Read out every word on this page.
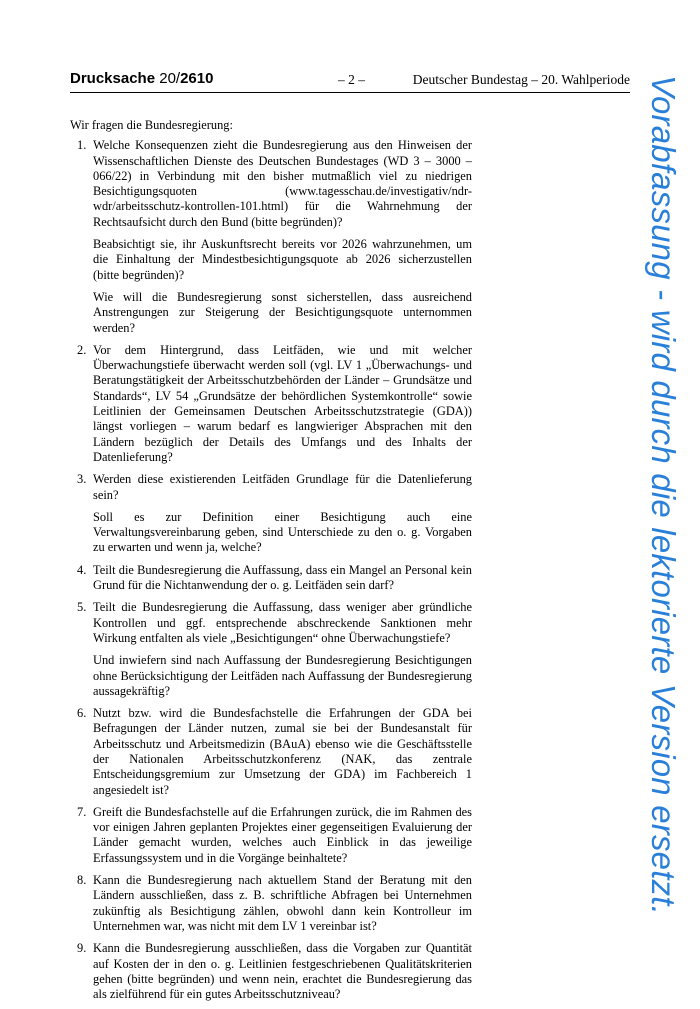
Drucksache 20/2610	– 2 –	Deutscher Bundestag – 20. Wahlperiode

Wir fragen die Bundesregierung:

1. Welche Konsequenzen zieht die Bundesregierung aus den Hinweisen der Wissenschaftlichen Dienste des Deutschen Bundestages (WD 3 – 3000 – 066/22) in Verbindung mit den bisher mutmaßlich viel zu niedrigen Besichtigungsquoten (www.tagesschau.de/investigativ/ndr-wdr/arbeitsschutz-kontrollen-101.html) für die Wahrnehmung der Rechtsaufsicht durch den Bund (bitte begründen)?

Beabsichtigt sie, ihr Auskunftsrecht bereits vor 2026 wahrzunehmen, um die Einhaltung der Mindestbesichtigungsquote ab 2026 sicherzustellen (bitte begründen)?

Wie will die Bundesregierung sonst sicherstellen, dass ausreichend Anstrengungen zur Steigerung der Besichtigungsquote unternommen werden?

2. Vor dem Hintergrund, dass Leitfäden, wie und mit welcher Überwachungstiefe überwacht werden soll (vgl. LV 1 „Überwachungs- und Beratungstätigkeit der Arbeitsschutzbehörden der Länder – Grundsätze und Standards“, LV 54 „Grundsätze der behördlichen Systemkontrolle“ sowie Leitlinien der Gemeinsamen Deutschen Arbeitsschutzstrategie (GDA)) längst vorliegen – warum bedarf es langwieriger Absprachen mit den Ländern bezüglich der Details des Umfangs und des Inhalts der Datenlieferung?

3. Werden diese existierenden Leitfäden Grundlage für die Datenlieferung sein?

Soll es zur Definition einer Besichtigung auch eine Verwaltungsvereinbarung geben, sind Unterschiede zu den o. g. Vorgaben zu erwarten und wenn ja, welche?

4. Teilt die Bundesregierung die Auffassung, dass ein Mangel an Personal kein Grund für die Nichtanwendung der o. g. Leitfäden sein darf?

5. Teilt die Bundesregierung die Auffassung, dass weniger aber gründliche Kontrollen und ggf. entsprechende abschreckende Sanktionen mehr Wirkung entfalten als viele „Besichtigungen“ ohne Überwachungstiefe?

Und inwiefern sind nach Auffassung der Bundesregierung Besichtigungen ohne Berücksichtigung der Leitfäden nach Auffassung der Bundesregierung aussagekräftig?

6. Nutzt bzw. wird die Bundesfachstelle die Erfahrungen der GDA bei Befragungen der Länder nutzen, zumal sie bei der Bundesanstalt für Arbeitsschutz und Arbeitsmedizin (BAuA) ebenso wie die Geschäftsstelle der Nationalen Arbeitsschutzkonferenz (NAK, das zentrale Entscheidungsgremium zur Umsetzung der GDA) im Fachbereich 1 angesiedelt ist?

7. Greift die Bundesfachstelle auf die Erfahrungen zurück, die im Rahmen des vor einigen Jahren geplanten Projektes einer gegenseitigen Evaluierung der Länder gemacht wurden, welches auch Einblick in das jeweilige Erfassungssystem und in die Vorgänge beinhaltete?

8. Kann die Bundesregierung nach aktuellem Stand der Beratung mit den Ländern ausschließen, dass z. B. schriftliche Abfragen bei Unternehmen zukünftig als Besichtigung zählen, obwohl dann kein Kontrolleur im Unternehmen war, was nicht mit dem LV 1 vereinbar ist?

9. Kann die Bundesregierung ausschließen, dass die Vorgaben zur Quantität auf Kosten der in den o. g. Leitlinien festgeschriebenen Qualitätskriterien gehen (bitte begründen) und wenn nein, erachtet die Bundesregierung das als zielführend für ein gutes Arbeitsschutzniveau?

Vorabfassung - wird durch die lektorierte Version ersetzt.
